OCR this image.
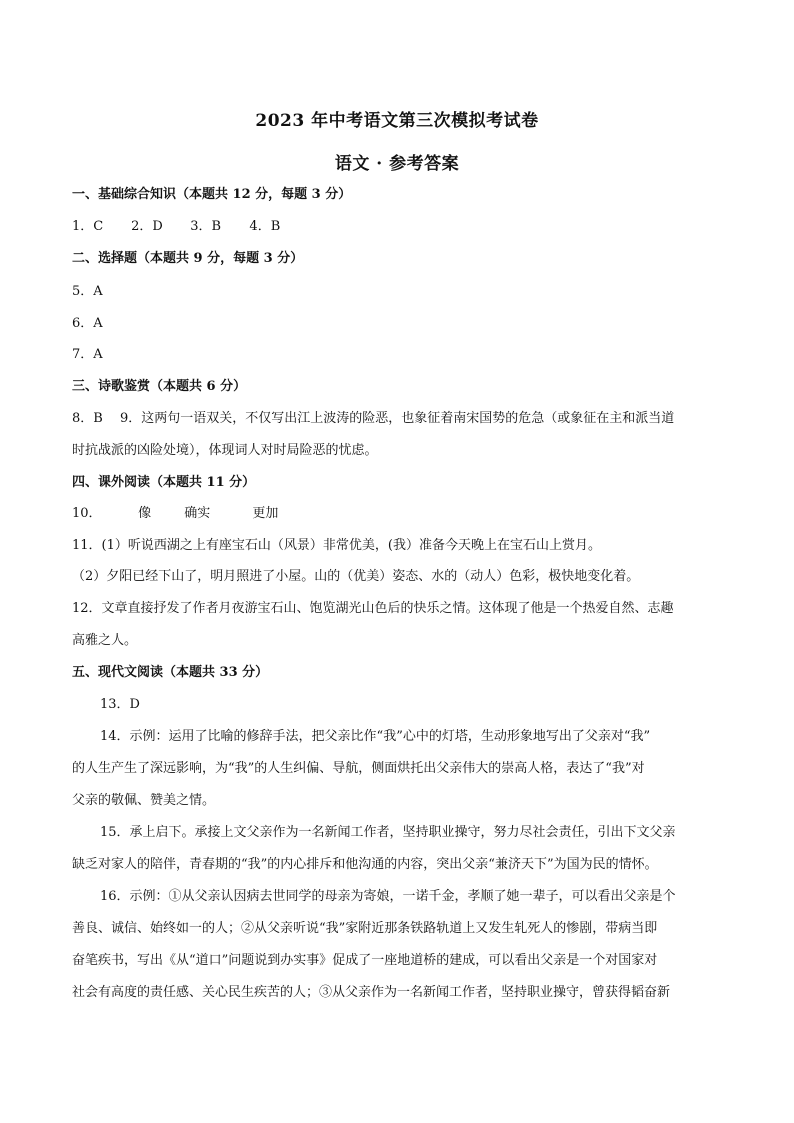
2023 年中考语文第三次模拟考试卷
语文 · 参考答案
一、基础综合知识（本题共 12 分，每题 3 分）
1．C 2．D 3．B 4．B
二、选择题（本题共 9 分，每题 3 分）
5．A
6．A
7．A
三、诗歌鉴赏（本题共 6 分）
8．B　 9．这两句一语双关，不仅写出江上波涛的险恶，也象征着南宋国势的危急（或象征在主和派当道
时抗战派的凶险处境），体现词人对时局险恶的忧虑。
四、课外阅读（本题共 11 分）
10．	像	确实	更加
11．(1）听说西湖之上有座宝石山（风景）非常优美，(我）准备今天晚上在宝石山上赏月。
（2）夕阳已经下山了，明月照进了小屋。山的（优美）姿态、水的（动人）色彩，极快地变化着。
12．文章直接抒发了作者月夜游宝石山、饱览湖光山色后的快乐之情。这体现了他是一个热爱自然、志趣
高雅之人。
五、现代文阅读（本题共 33 分）
13．D
14．示例：运用了比喻的修辞手法，把父亲比作“我”心中的灯塔，生动形象地写出了父亲对“我”
的人生产生了深远影响，为“我”的人生纠偏、导航，侧面烘托出父亲伟大的崇高人格，表达了“我”对
父亲的敬佩、赞美之情。
15．承上启下。承接上文父亲作为一名新闻工作者，坚持职业操守，努力尽社会责任，引出下文父亲
缺乏对家人的陪伴，青春期的“我”的内心排斥和他沟通的内容，突出父亲“兼济天下”为国为民的情怀。
16．示例：①从父亲认因病去世同学的母亲为寄娘，一诺千金，孝顺了她一辈子，可以看出父亲是个
善良、诚信、始终如一的人；②从父亲听说“我”家附近那条铁路轨道上又发生轧死人的惨剧，带病当即
奋笔疾书，写出《从“道口”问题说到办实事》促成了一座地道桥的建成，可以看出父亲是一个对国家对
社会有高度的责任感、关心民生疾苦的人；③从父亲作为一名新闻工作者，坚持职业操守，曾获得韬奋新
